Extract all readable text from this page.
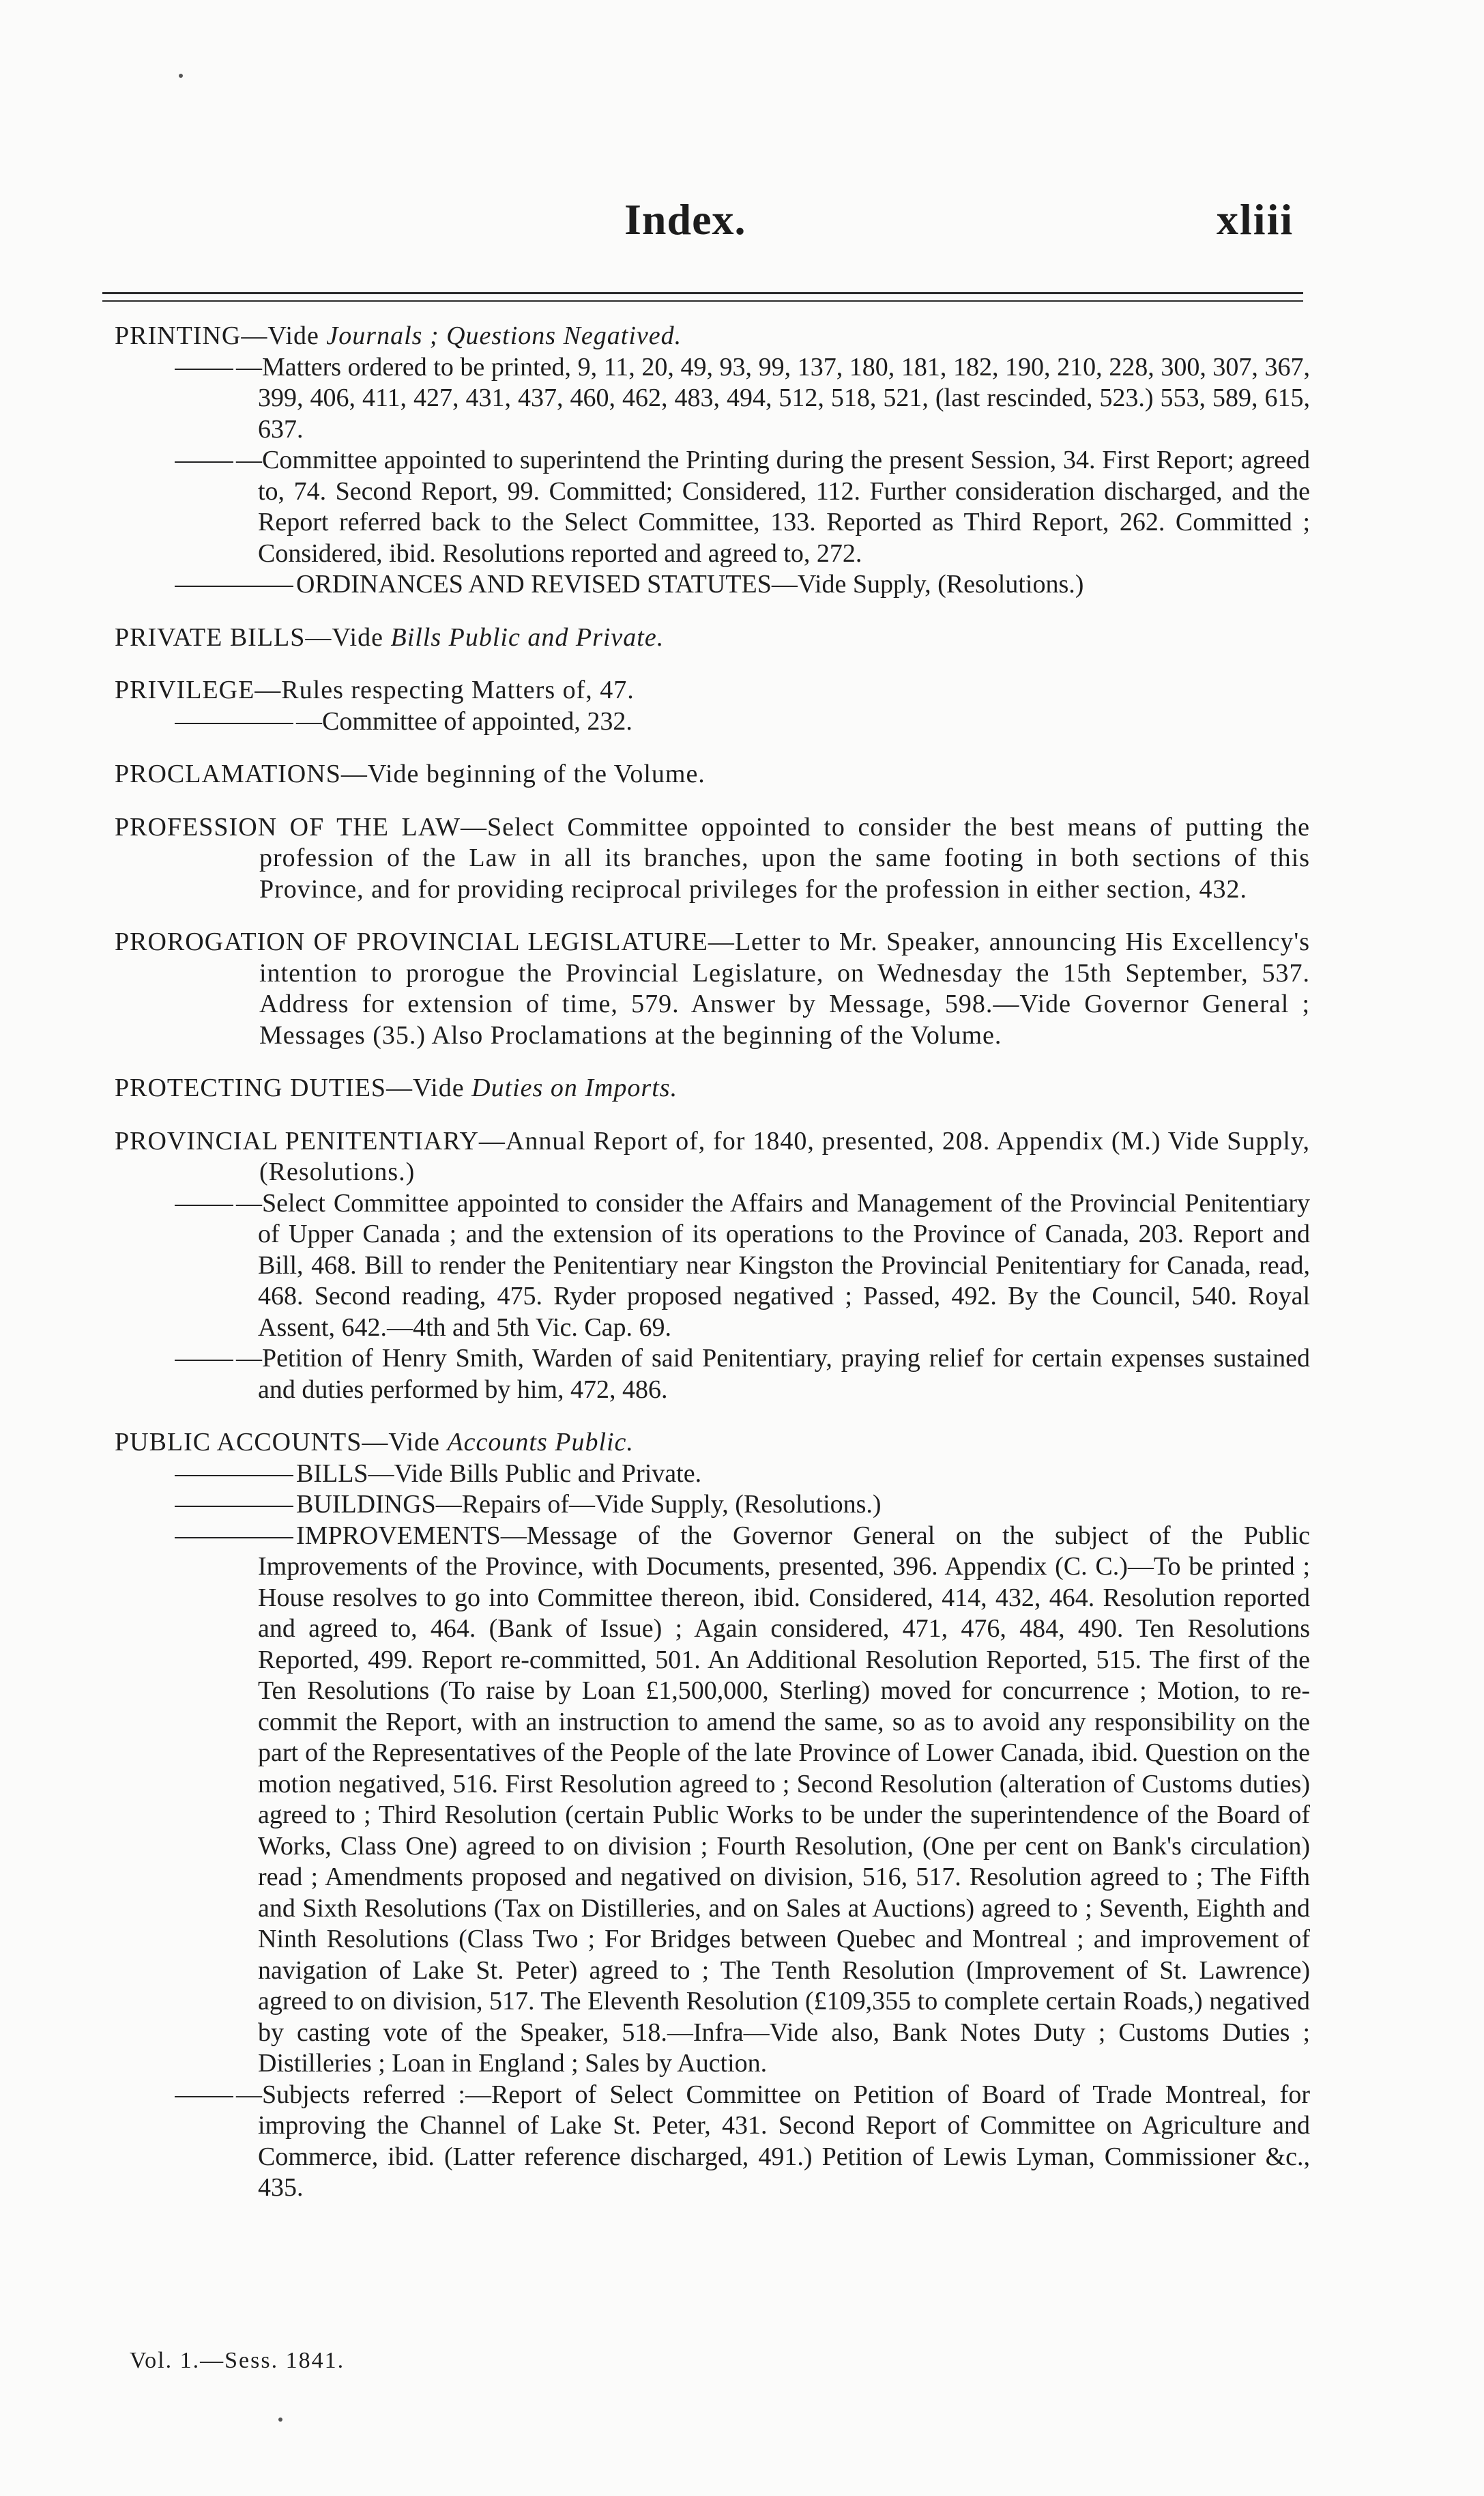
Index.	xliii
PRINTING—Vide Journals ; Questions Negatived.
—Matters ordered to be printed, 9, 11, 20, 49, 93, 99, 137, 180, 181, 182, 190, 210, 228, 300, 307, 367, 399, 406, 411, 427, 431, 437, 460, 462, 483, 494, 512, 518, 521, (last rescinded, 523.) 553, 589, 615, 637.
—Committee appointed to superintend the Printing during the present Session, 34. First Report; agreed to, 74. Second Report, 99. Committed; Considered, 112. Further consideration discharged, and the Report referred back to the Select Committee, 133. Reported as Third Report, 262. Committed ; Considered, ibid. Resolutions reported and agreed to, 272.
ORDINANCES AND REVISED STATUTES—Vide Supply, (Resolutions.)
PRIVATE BILLS—Vide Bills Public and Private.
PRIVILEGE—Rules respecting Matters of, 47.
—Committee of appointed, 232.
PROCLAMATIONS—Vide beginning of the Volume.
PROFESSION OF THE LAW—Select Committee oppointed to consider the best means of putting the profession of the Law in all its branches, upon the same footing in both sections of this Province, and for providing reciprocal privileges for the profession in either section, 432.
PROROGATION OF PROVINCIAL LEGISLATURE—Letter to Mr. Speaker, announcing His Excellency's intention to prorogue the Provincial Legislature, on Wednesday the 15th September, 537. Address for extension of time, 579. Answer by Message, 598.—Vide Governor General ; Messages (35.) Also Proclamations at the beginning of the Volume.
PROTECTING DUTIES—Vide Duties on Imports.
PROVINCIAL PENITENTIARY—Annual Report of, for 1840, presented, 208. Appendix (M.) Vide Supply, (Resolutions.)
—Select Committee appointed to consider the Affairs and Management of the Provincial Penitentiary of Upper Canada ; and the extension of its operations to the Province of Canada, 203. Report and Bill, 468. Bill to render the Penitentiary near Kingston the Provincial Penitentiary for Canada, read, 468. Second reading, 475. Ryder proposed negatived ; Passed, 492. By the Council, 540. Royal Assent, 642.—4th and 5th Vic. Cap. 69.
—Petition of Henry Smith, Warden of said Penitentiary, praying relief for certain expenses sustained and duties performed by him, 472, 486.
PUBLIC ACCOUNTS—Vide Accounts Public.
BILLS—Vide Bills Public and Private.
BUILDINGS—Repairs of—Vide Supply, (Resolutions.)
IMPROVEMENTS—Message of the Governor General on the subject of the Public Improvements of the Province, with Documents, presented, 396. Appendix (C. C.)—To be printed ; House resolves to go into Committee thereon, ibid. Considered, 414, 432, 464. Resolution reported and agreed to, 464. (Bank of Issue) ; Again considered, 471, 476, 484, 490. Ten Resolutions Reported, 499. Report re-committed, 501. An Additional Resolution Reported, 515. The first of the Ten Resolutions (To raise by Loan £1,500,000, Sterling) moved for concurrence ; Motion, to re-commit the Report, with an instruction to amend the same, so as to avoid any responsibility on the part of the Representatives of the People of the late Province of Lower Canada, ibid. Question on the motion negatived, 516. First Resolution agreed to ; Second Resolution (alteration of Customs duties) agreed to ; Third Resolution (certain Public Works to be under the superintendence of the Board of Works, Class One) agreed to on division ; Fourth Resolution, (One per cent on Bank's circulation) read ; Amendments proposed and negatived on division, 516, 517. Resolution agreed to ; The Fifth and Sixth Resolutions (Tax on Distilleries, and on Sales at Auctions) agreed to ; Seventh, Eighth and Ninth Resolutions (Class Two ; For Bridges between Quebec and Montreal ; and improvement of navigation of Lake St. Peter) agreed to ; The Tenth Resolution (Improvement of St. Lawrence) agreed to on division, 517. The Eleventh Resolution (£109,355 to complete certain Roads,) negatived by casting vote of the Speaker, 518.—Infra—Vide also, Bank Notes Duty ; Customs Duties ; Distilleries ; Loan in England ; Sales by Auction.
—Subjects referred :—Report of Select Committee on Petition of Board of Trade Montreal, for improving the Channel of Lake St. Peter, 431. Second Report of Committee on Agriculture and Commerce, ibid. (Latter reference discharged, 491.) Petition of Lewis Lyman, Commissioner &c., 435.
Vol. 1.—Sess. 1841.
